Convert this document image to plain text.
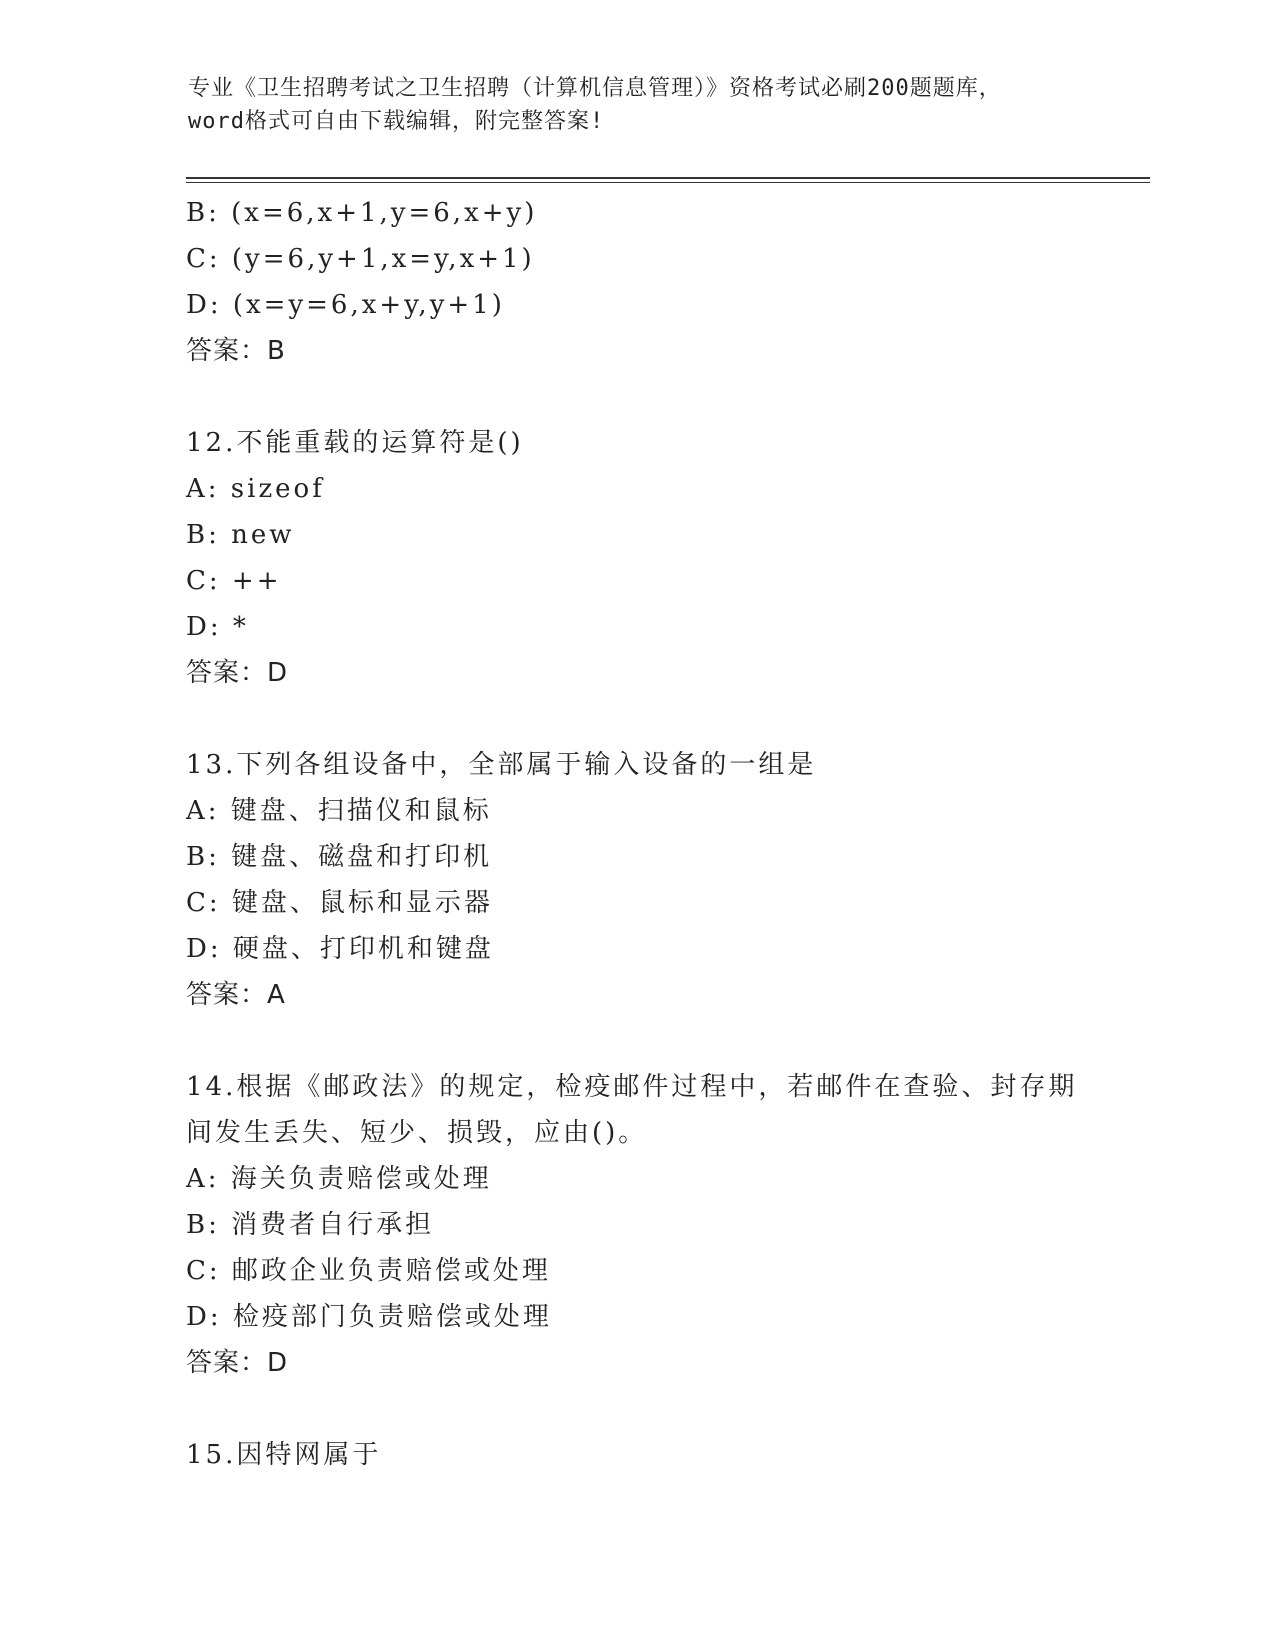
专业《卫生招聘考试之卫生招聘（计算机信息管理）》资格考试必刷200题题库，
word格式可自由下载编辑，附完整答案!
B: (x=6,x+1,y=6,x+y)
C: (y=6,y+1,x=y,x+1)
D: (x=y=6,x+y,y+1)
答案：B
12.不能重载的运算符是()
A: sizeof
B: new
C: ++
D: *
答案：D
13.下列各组设备中，全部属于输入设备的一组是
A: 键盘、扫描仪和鼠标
B: 键盘、磁盘和打印机
C: 键盘、鼠标和显示器
D: 硬盘、打印机和键盘
答案：A
14.根据《邮政法》的规定，检疫邮件过程中，若邮件在查验、封存期
间发生丢失、短少、损毁，应由()。
A: 海关负责赔偿或处理
B: 消费者自行承担
C: 邮政企业负责赔偿或处理
D: 检疫部门负责赔偿或处理
答案：D
15.因特网属于
